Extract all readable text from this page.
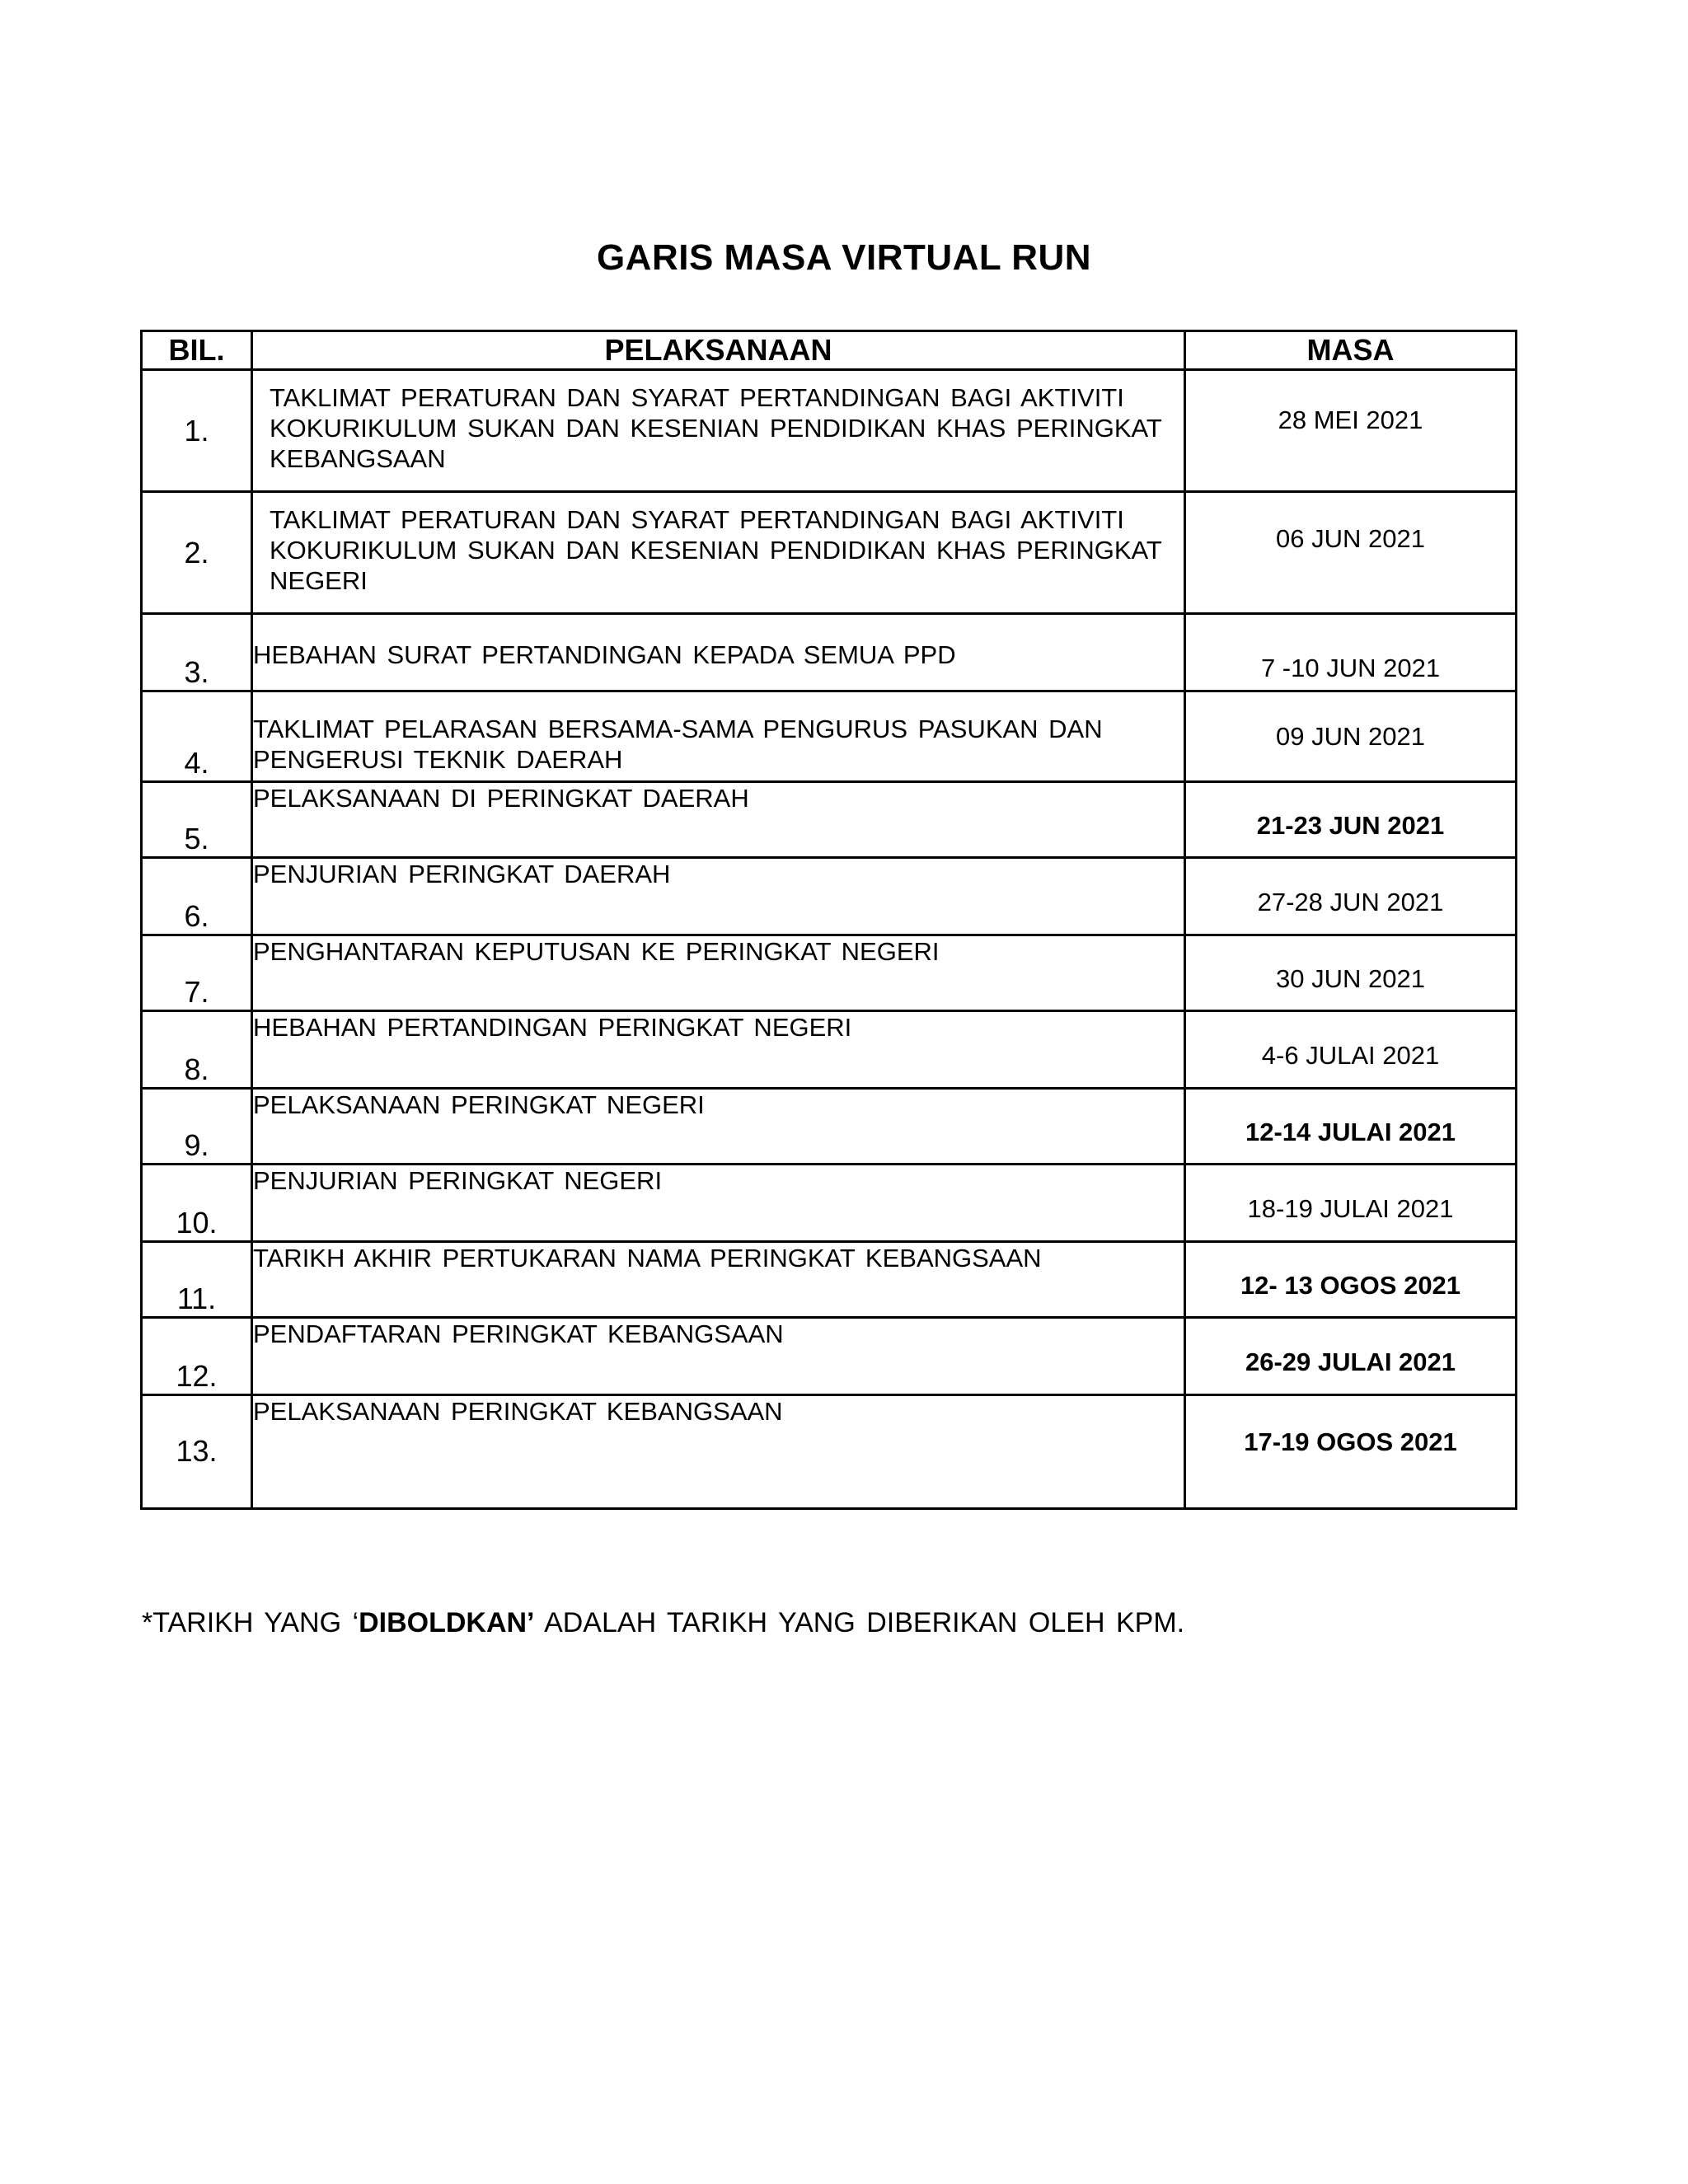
GARIS MASA VIRTUAL RUN
BIL.	PELAKSANAAN	MASA
1.	TAKLIMAT PERATURAN DAN SYARAT PERTANDINGAN BAGI AKTIVITI KOKURIKULUM SUKAN DAN KESENIAN PENDIDIKAN KHAS PERINGKAT KEBANGSAAN	28 MEI 2021
2.	TAKLIMAT PERATURAN DAN SYARAT PERTANDINGAN BAGI AKTIVITI KOKURIKULUM SUKAN DAN KESENIAN PENDIDIKAN KHAS PERINGKAT NEGERI	06 JUN 2021
3.	HEBAHAN SURAT PERTANDINGAN KEPADA SEMUA PPD	7 -10 JUN 2021
4.	TAKLIMAT PELARASAN BERSAMA-SAMA PENGURUS PASUKAN DAN PENGERUSI TEKNIK DAERAH	09 JUN 2021
5.	PELAKSANAAN DI PERINGKAT DAERAH	21-23 JUN 2021
6.	PENJURIAN PERINGKAT DAERAH	27-28 JUN 2021
7.	PENGHANTARAN KEPUTUSAN KE PERINGKAT NEGERI	30 JUN 2021
8.	HEBAHAN PERTANDINGAN PERINGKAT NEGERI	4-6 JULAI 2021
9.	PELAKSANAAN PERINGKAT NEGERI	12-14 JULAI 2021
10.	PENJURIAN PERINGKAT NEGERI	18-19 JULAI 2021
11.	TARIKH AKHIR PERTUKARAN NAMA PERINGKAT KEBANGSAAN	12- 13 OGOS 2021
12.	PENDAFTARAN PERINGKAT KEBANGSAAN	26-29 JULAI 2021
13.	PELAKSANAAN PERINGKAT KEBANGSAAN	17-19 OGOS 2021
*TARIKH YANG ‘DIBOLDKAN’ ADALAH TARIKH YANG DIBERIKAN OLEH KPM.
